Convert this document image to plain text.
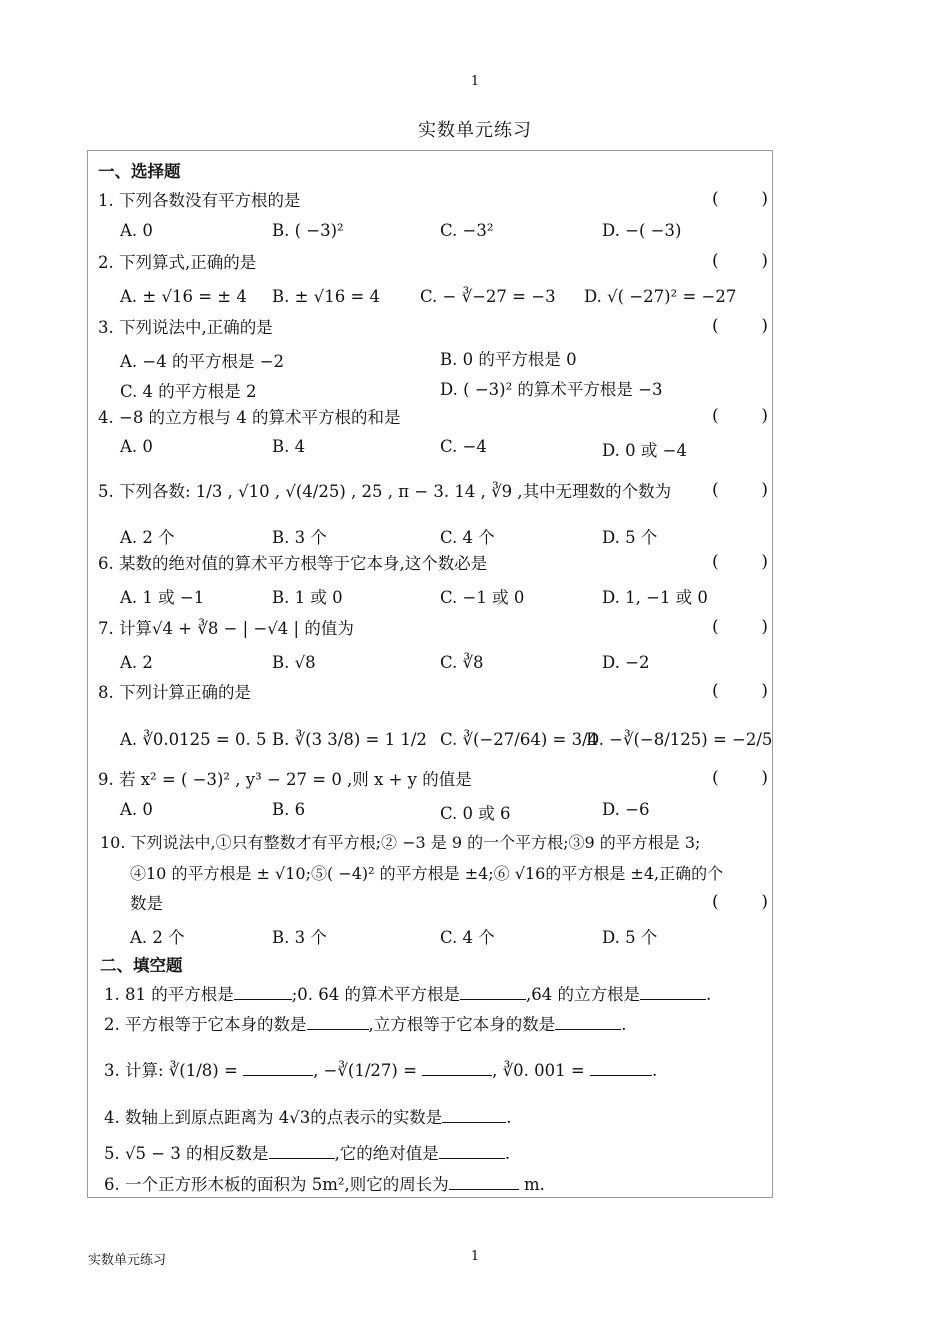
1
实数单元练习
一、选择题
1. 下列各数没有平方根的是	(	)
A. 0	B. ( −3)²	C. −3²	D. −( −3)
2. 下列算式,正确的是	(	)
A. ± √16 = ± 4 B. ± √16 = 4 C. − ∛−27 = −3 D. √( −27)² = −27
3. 下列说法中,正确的是	(	)
A. −4 的平方根是 −2	B. 0 的平方根是 0
C. 4 的平方根是 2	D. ( −3)² 的算术平方根是 −3
4. −8 的立方根与 4 的算术平方根的和是	(	)
A. 0	B. 4	C. −4	D. 0 或 −4
5. 下列各数: 1/3 , √10 , √(4/25) , 25 , π − 3. 14 , ∛9 ,其中无理数的个数为 (	)
A. 2 个	B. 3 个	C. 4 个	D. 5 个
6. 某数的绝对值的算术平方根等于它本身,这个数必是	(	)
A. 1 或 −1	B. 1 或 0	C. −1 或 0	D. 1, −1 或 0
7. 计算√4 + ∛8 − | −√4 | 的值为	(	)
A. 2	B. √8	C. ∛8	D. −2
8. 下列计算正确的是	(	)
A. ∛0.0125 = 0. 5 B. ∛(3 3/8) = 1 1/2 C. ∛(−27/64) = 3/4
D. −∛(−8/125) = −2/5
9. 若 x² = ( −3)² , y³ − 27 = 0 ,则 x + y 的值是	(	)
A. 0	B. 6	C. 0 或 6	D. −6
10. 下列说法中,①只有整数才有平方根;② −3 是 9 的一个平方根;③9 的平方根是 3;
④10 的平方根是 ± √10;⑤( −4)² 的平方根是 ±4;⑥ √16的平方根是 ±4,正确的个
数是	(	)
A. 2 个	B. 3 个	C. 4 个	D. 5 个
二、填空题
1. 81 的平方根是	;0. 64 的算术平方根是	,64 的立方根是	.
2. 平方根等于它本身的数是	,立方根等于它本身的数是	.
3. 计算: ∛(1/8) =	, −∛(1/27) =	, ∛0. 001 =	.
4. 数轴上到原点距离为 4√3的点表示的实数是	.
5. √5 − 3 的相反数是	,它的绝对值是	.
6. 一个正方形木板的面积为 5m²,则它的周长为	m.
实数单元练习	1
